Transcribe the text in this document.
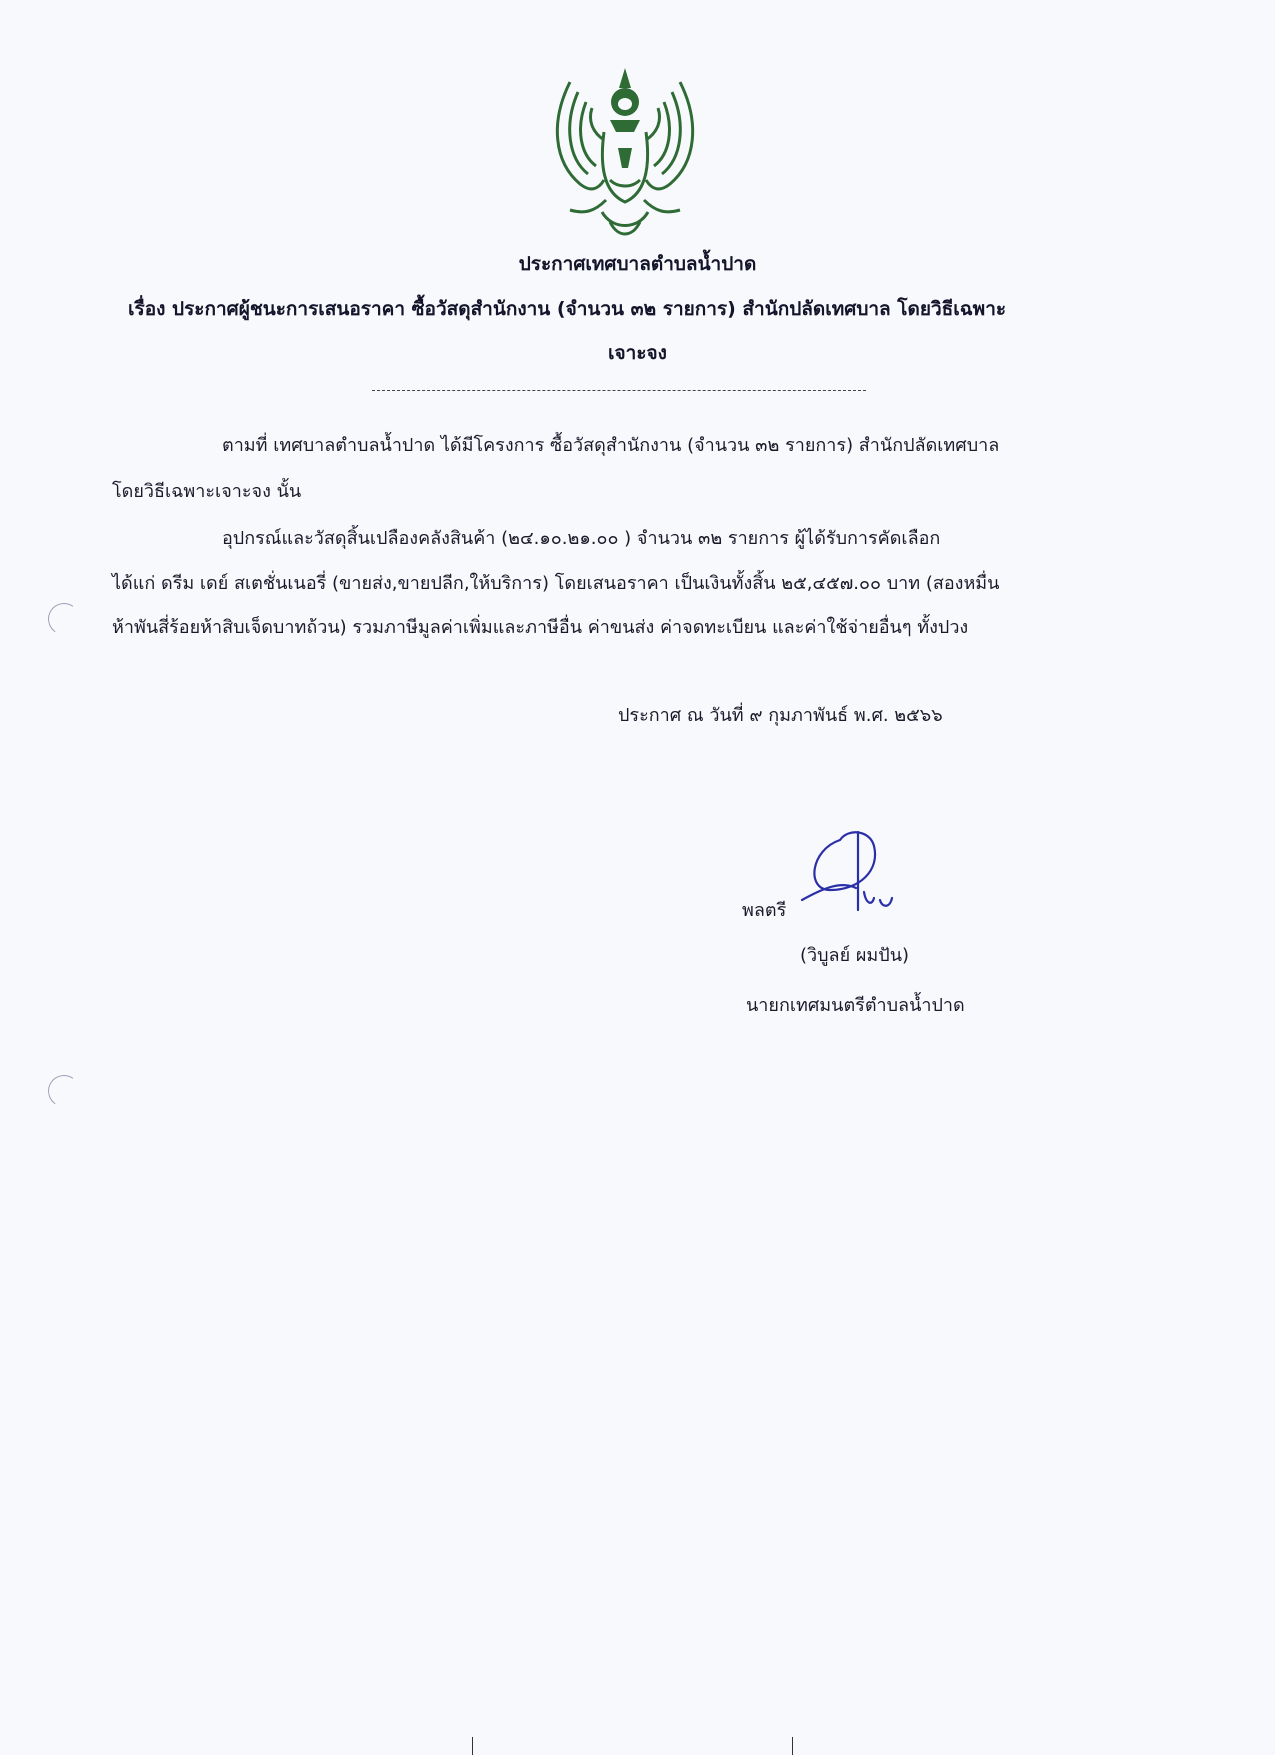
ประกาศเทศบาลตำบลน้ำปาด
เรื่อง ประกาศผู้ชนะการเสนอราคา ซื้อวัสดุสำนักงาน (จำนวน ๓๒ รายการ) สำนักปลัดเทศบาล โดยวิธีเฉพาะ
เจาะจง
ตามที่ เทศบาลตำบลน้ำปาด ได้มีโครงการ ซื้อวัสดุสำนักงาน (จำนวน ๓๒ รายการ) สำนักปลัดเทศบาล
โดยวิธีเฉพาะเจาะจง นั้น
อุปกรณ์และวัสดุสิ้นเปลืองคลังสินค้า (๒๔.๑๐.๒๑.๐๐ ) จำนวน ๓๒ รายการ ผู้ได้รับการคัดเลือก
ได้แก่ ดรีม เดย์ สเตชั่นเนอรี่ (ขายส่ง,ขายปลีก,ให้บริการ) โดยเสนอราคา เป็นเงินทั้งสิ้น ๒๕,๔๕๗.๐๐ บาท (สองหมื่น
ห้าพันสี่ร้อยห้าสิบเจ็ดบาทถ้วน) รวมภาษีมูลค่าเพิ่มและภาษีอื่น ค่าขนส่ง ค่าจดทะเบียน และค่าใช้จ่ายอื่นๆ ทั้งปวง
ประกาศ ณ วันที่ ๙ กุมภาพันธ์ พ.ศ. ๒๕๖๖
พลตรี
(วิบูลย์ ผมปัน)
นายกเทศมนตรีตำบลน้ำปาด
